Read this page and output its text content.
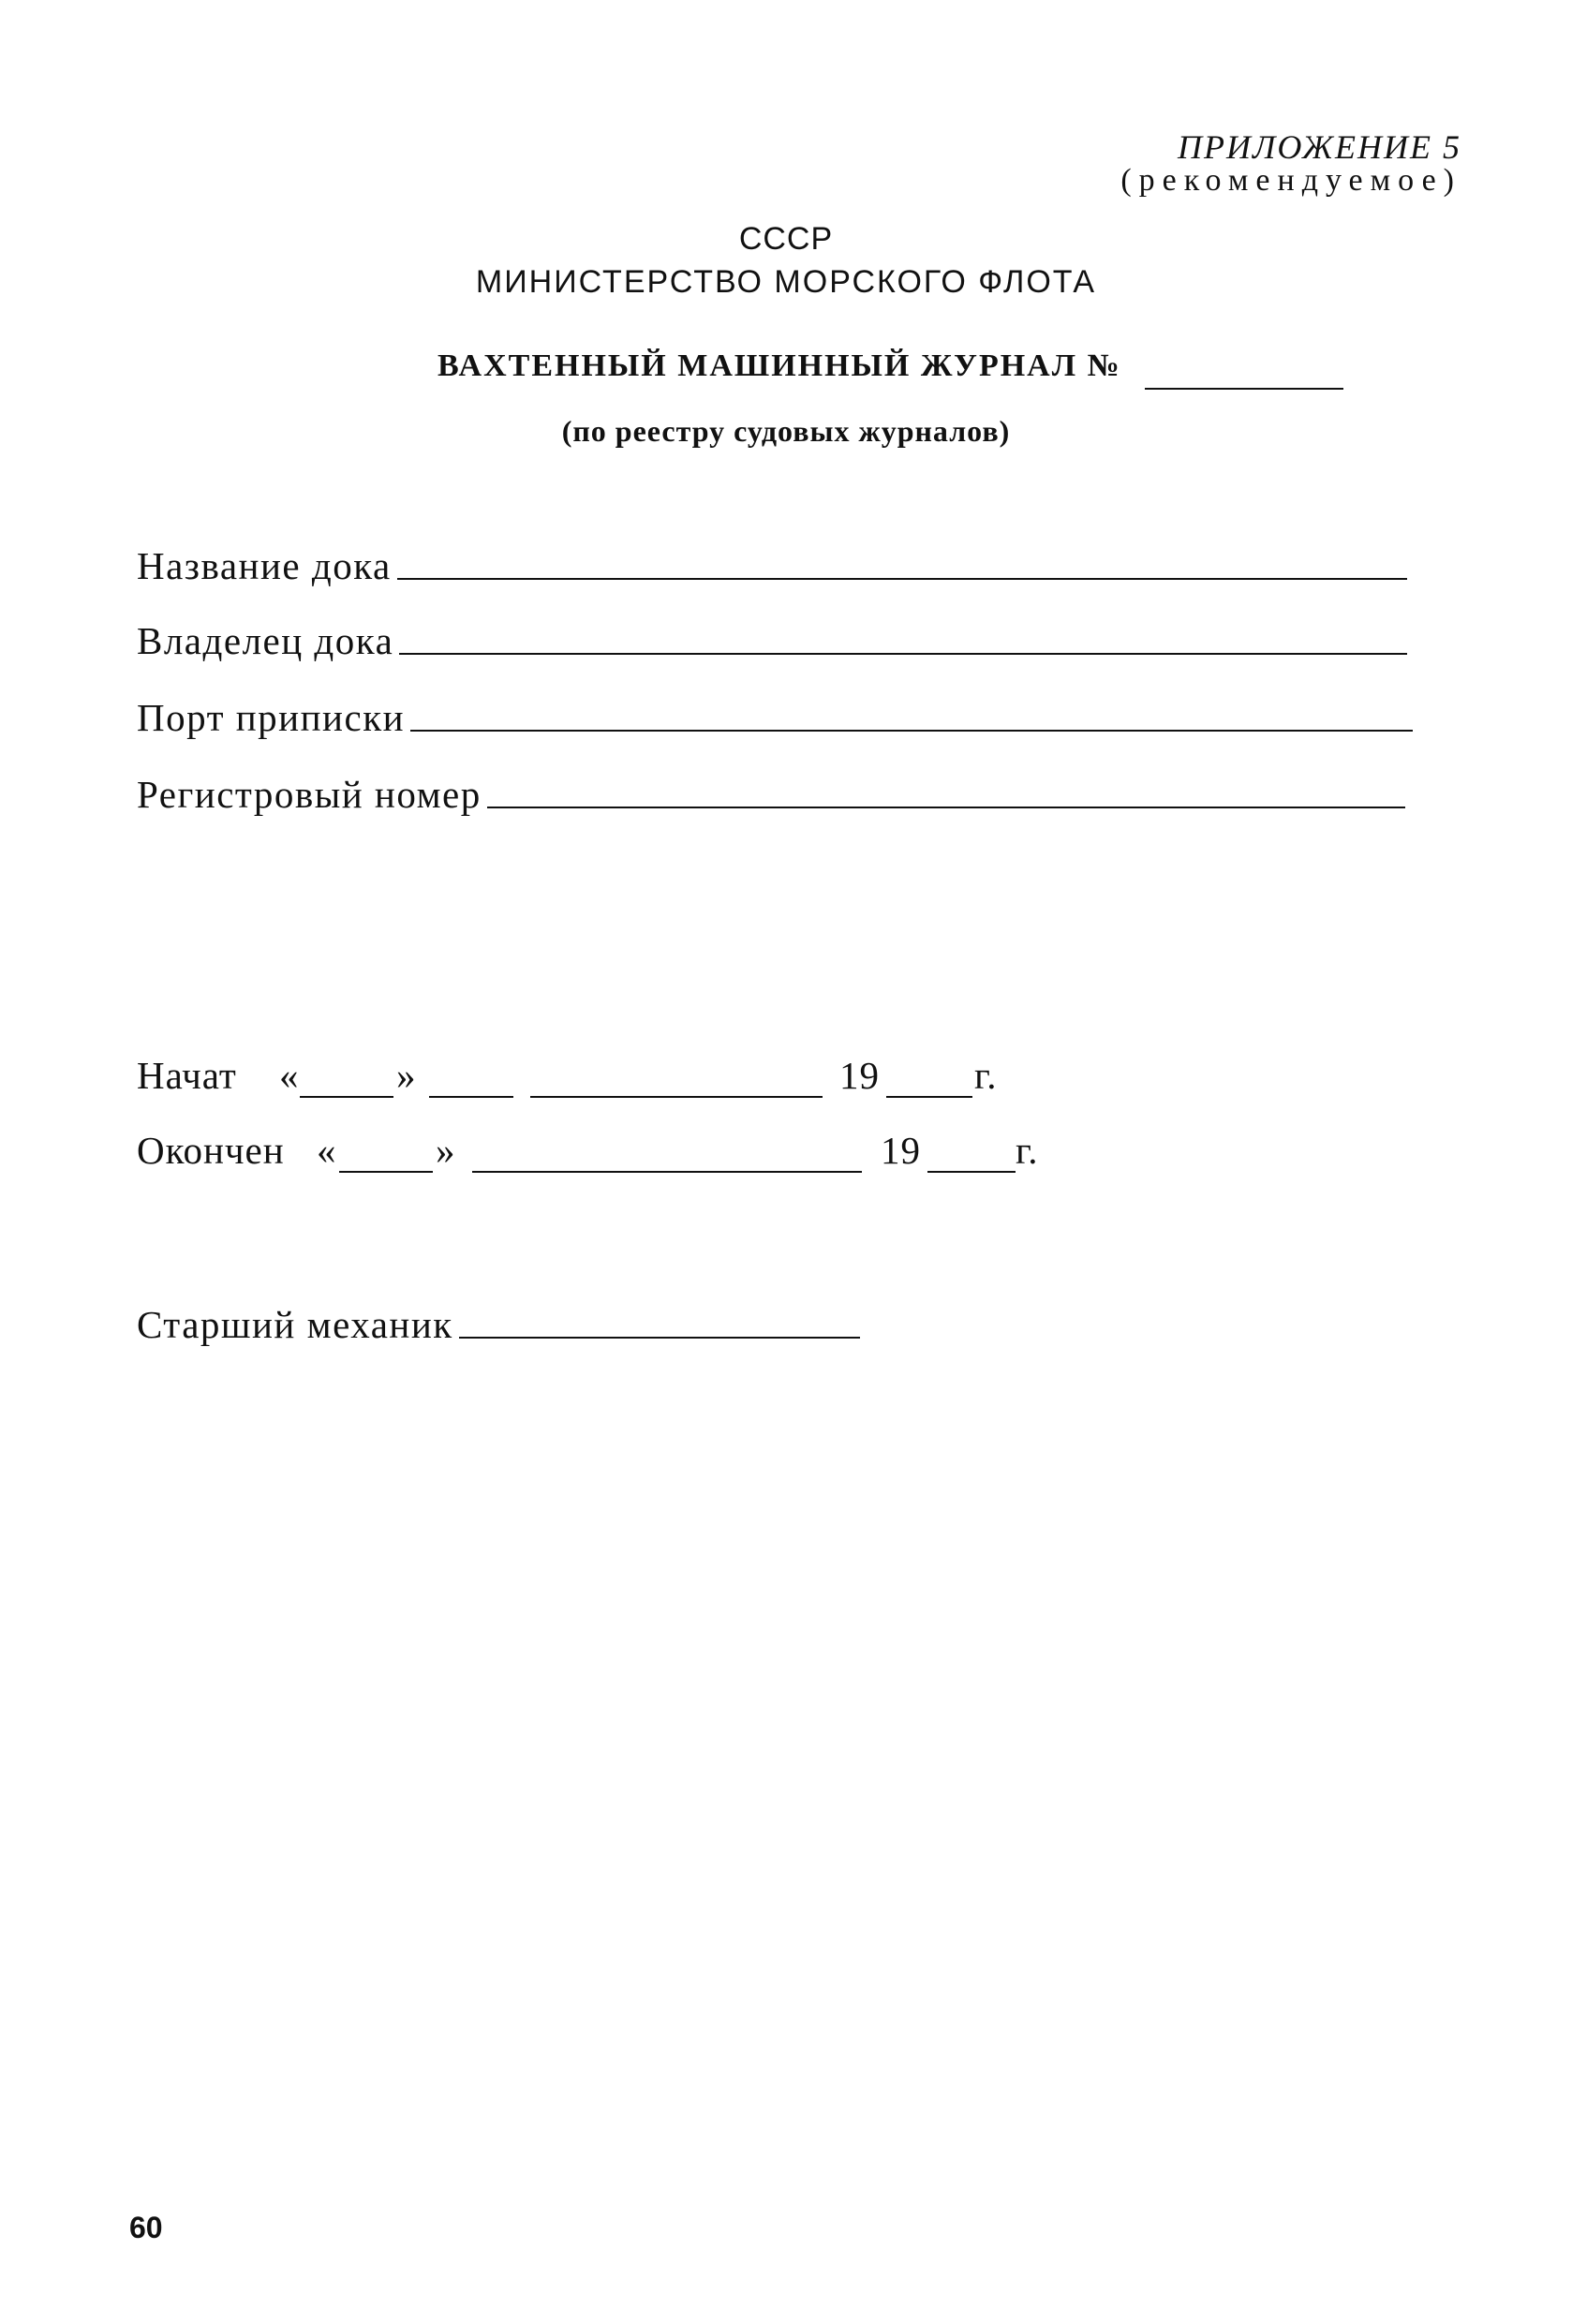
ПРИЛОЖЕНИЕ 5
(рекомендуемое)
СССР
МИНИСТЕРСТВО МОРСКОГО ФЛОТА
ВАХТЕННЫЙ МАШИННЫЙ ЖУРНАЛ №
(по реестру судовых журналов)
Название дока
Владелец дока
Порт приписки
Регистровый номер
Начат «	»	19 г.
Окончен «	»	19 г.
Старший механик
60
